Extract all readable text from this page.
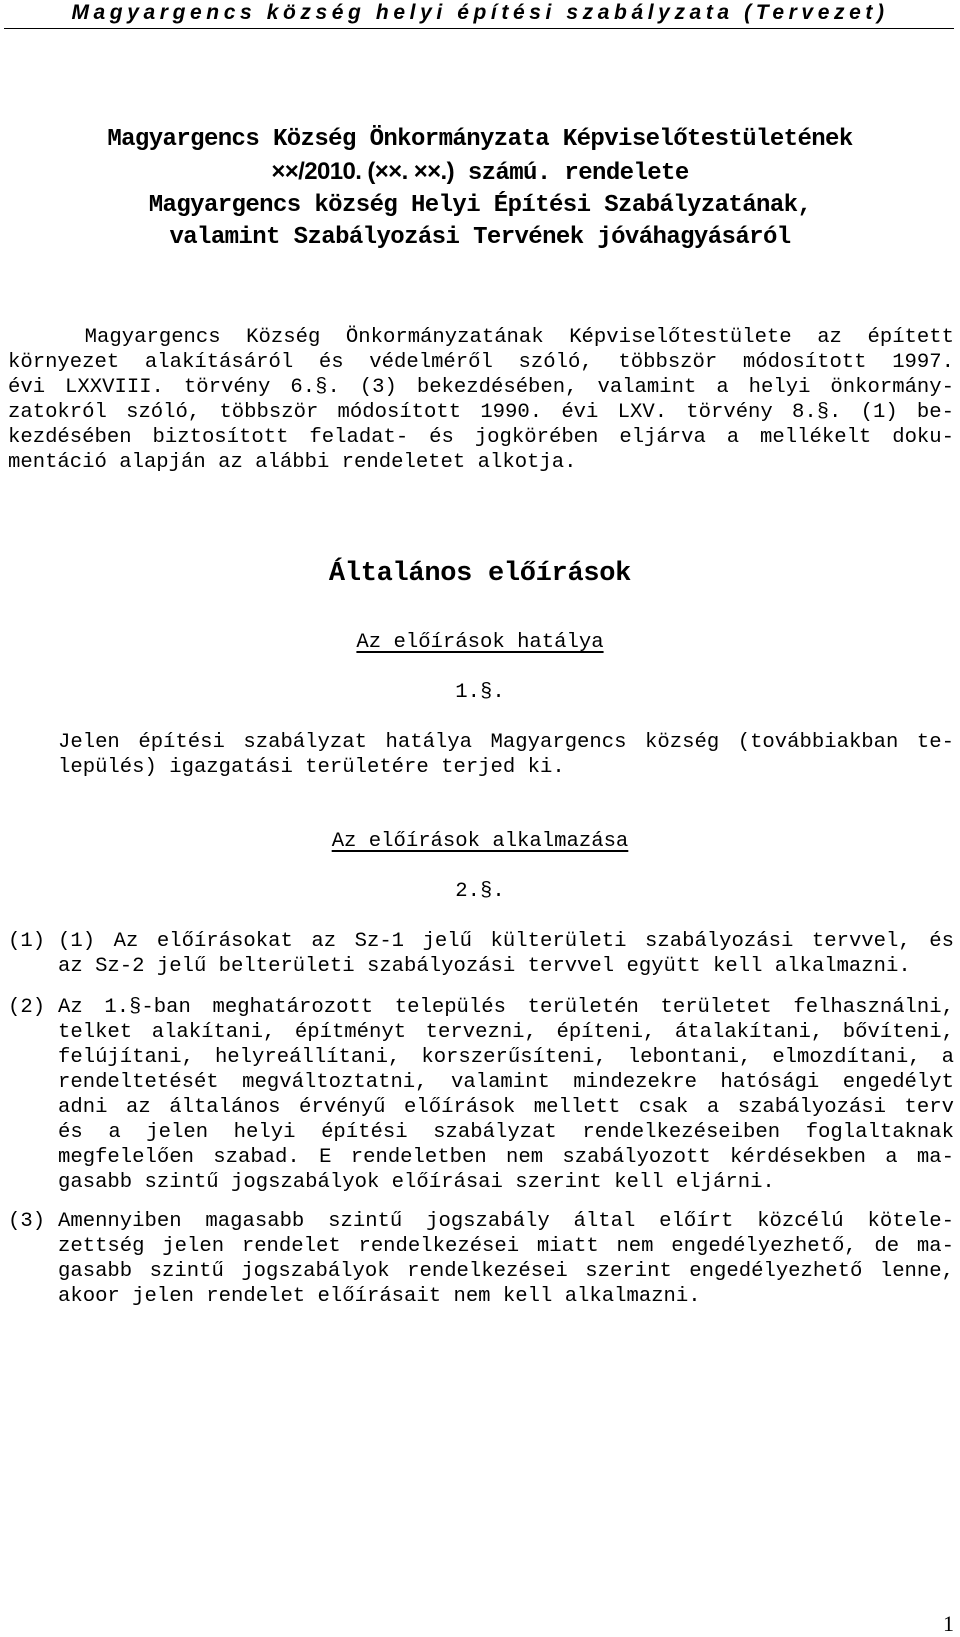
Magyargencs község helyi építési szabályzata (Tervezet)
Magyargencs Község Önkormányzata Képviselőtestületének
××/2010. (××. ××.) számú. rendelete
Magyargencs község Helyi Építési Szabályzatának,
valamint Szabályozási Tervének jóváhagyásáról
Magyargencs Község Önkormányzatának Képviselőtestülete az épített
környezet alakításáról és védelméről szóló, többször módosított 1997.
évi LXXVIII. törvény 6.§. (3) bekezdésében, valamint a helyi önkormány-
zatokról szóló, többször módosított 1990. évi LXV. törvény 8.§. (1) be-
kezdésében biztosított feladat- és jogkörében eljárva a mellékelt doku-
mentáció alapján az alábbi rendeletet alkotja.
Általános előírások
Az előírások hatálya
1.§.
Jelen építési szabályzat hatálya Magyargencs község (továbbiakban te-
lepülés) igazgatási területére terjed ki.
Az előírások alkalmazása
2.§.
(1) (1) Az előírásokat az Sz-1 jelű külterületi szabályozási tervvel, és
az Sz-2 jelű belterületi szabályozási tervvel együtt kell alkalmazni.
(2) Az 1.§-ban meghatározott település területén területet felhasználni,
telket alakítani, építményt tervezni, építeni, átalakítani, bővíteni,
felújítani, helyreállítani, korszerűsíteni, lebontani, elmozdítani, a
rendeltetését megváltoztatni, valamint mindezekre hatósági engedélyt
adni az általános érvényű előírások mellett csak a szabályozási terv
és a jelen helyi építési szabályzat rendelkezéseiben foglaltaknak
megfelelően szabad. E rendeletben nem szabályozott kérdésekben a ma-
gasabb szintű jogszabályok előírásai szerint kell eljárni.
(3) Amennyiben magasabb szintű jogszabály által előírt közcélú kötele-
zettség jelen rendelet rendelkezései miatt nem engedélyezhető, de ma-
gasabb szintű jogszabályok rendelkezései szerint engedélyezhető lenne,
akoor jelen rendelet előírásait nem kell alkalmazni.
1
